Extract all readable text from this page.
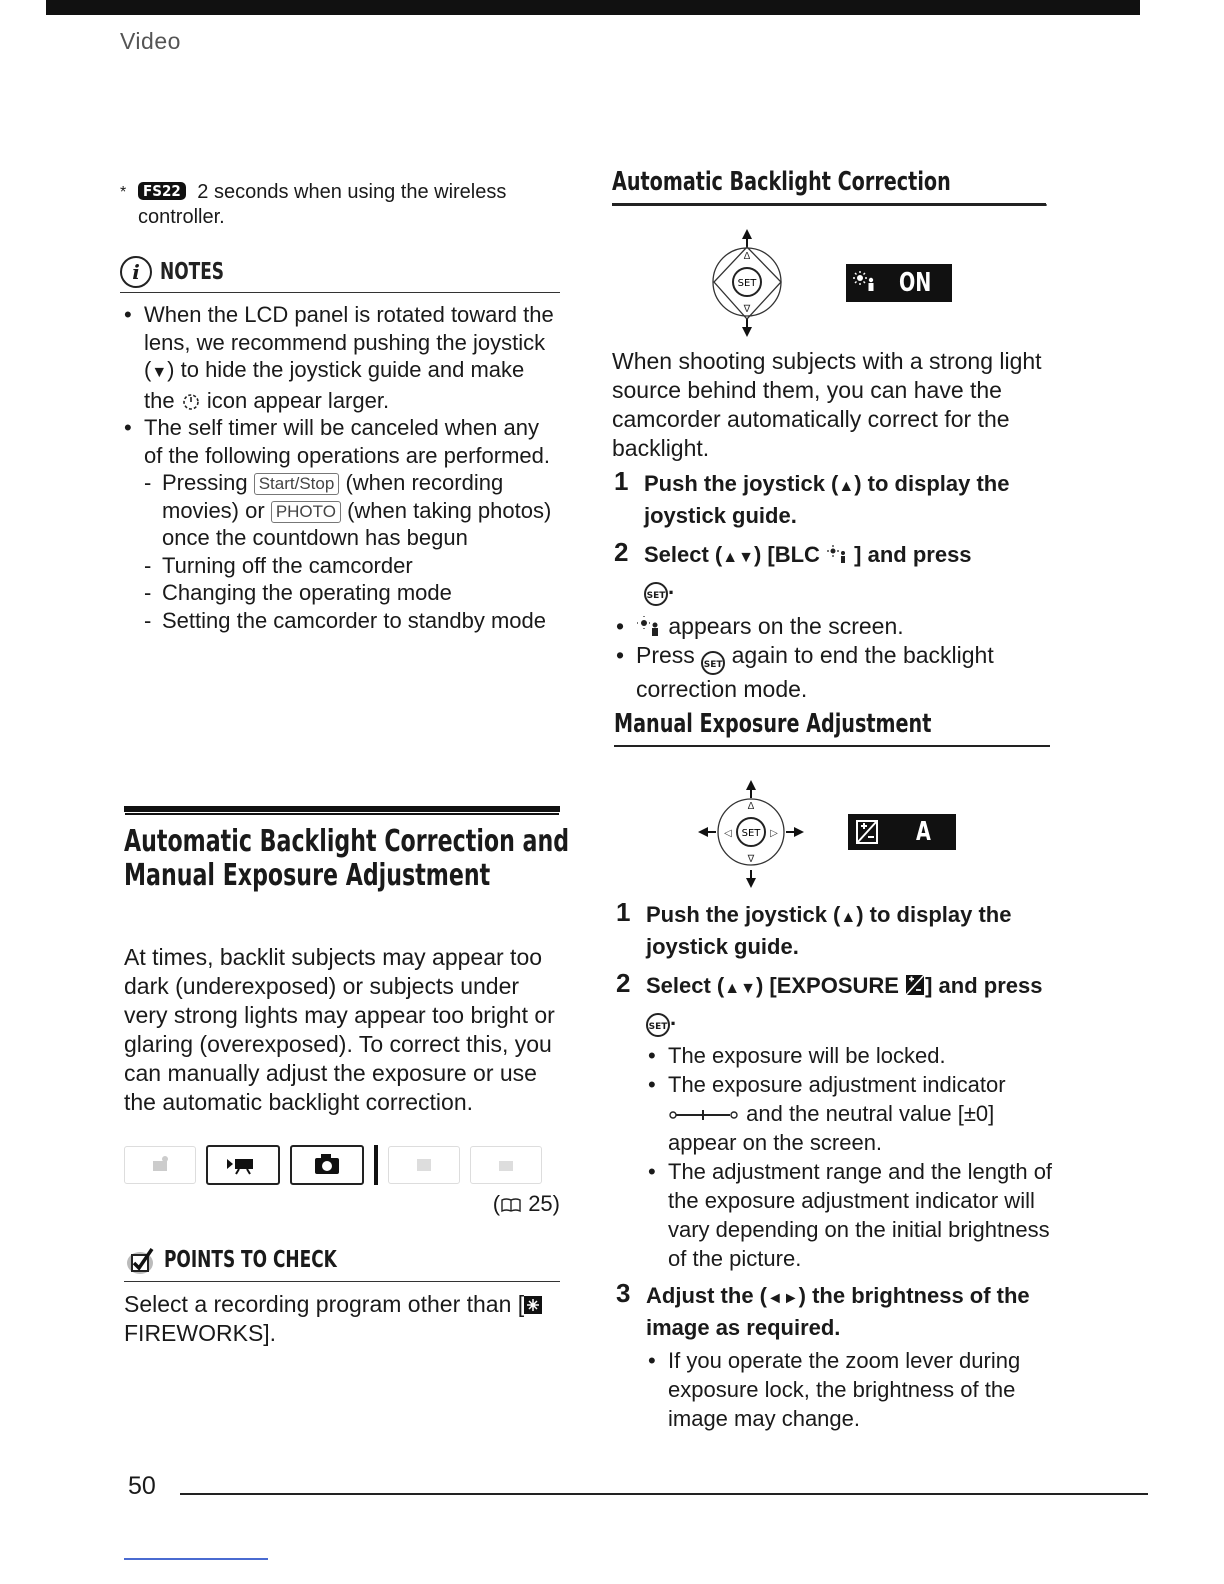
Video
* FS22 2 seconds when using the wireless controller.
i NOTES
• When the LCD panel is rotated toward the lens, we recommend pushing the joystick (▼) to hide the joystick guide and make the icon appear larger.
• The self timer will be canceled when any of the following operations are performed.
- Pressing Start/Stop (when recording movies) or PHOTO (when taking photos) once the countdown has begun
- Turning off the camcorder
- Changing the operating mode
- Setting the camcorder to standby mode
Automatic Backlight Correction and Manual Exposure Adjustment
At times, backlit subjects may appear too dark (underexposed) or subjects under very strong lights may appear too bright or glaring (overexposed). To correct this, you can manually adjust the exposure or use the automatic backlight correction.
( 25)
POINTS TO CHECK
Select a recording program other than [FIREWORKS].
Automatic Backlight Correction
SET
Δ
∇
ON
When shooting subjects with a strong light source behind them, you can have the camcorder automatically correct for the backlight.
1 Push the joystick (▲) to display the joystick guide.
2 Select (▲▼) [BLC ] and press
SET .
• appears on the screen.
• Press SET again to end the backlight correction mode.
Manual Exposure Adjustment
SET
Δ
∇
◁	▷	A
1 Push the joystick (▲) to display the joystick guide.
2 Select (▲▼) [EXPOSURE ] and press SET .
• The exposure will be locked.
• The exposure adjustment indicator  and the neutral value [±0] appear on the screen.
• The adjustment range and the length of the exposure adjustment indicator will vary depending on the initial brightness of the picture.
3 Adjust the (◄►) the brightness of the image as required.
• If you operate the zoom lever during exposure lock, the brightness of the image may change.
50
